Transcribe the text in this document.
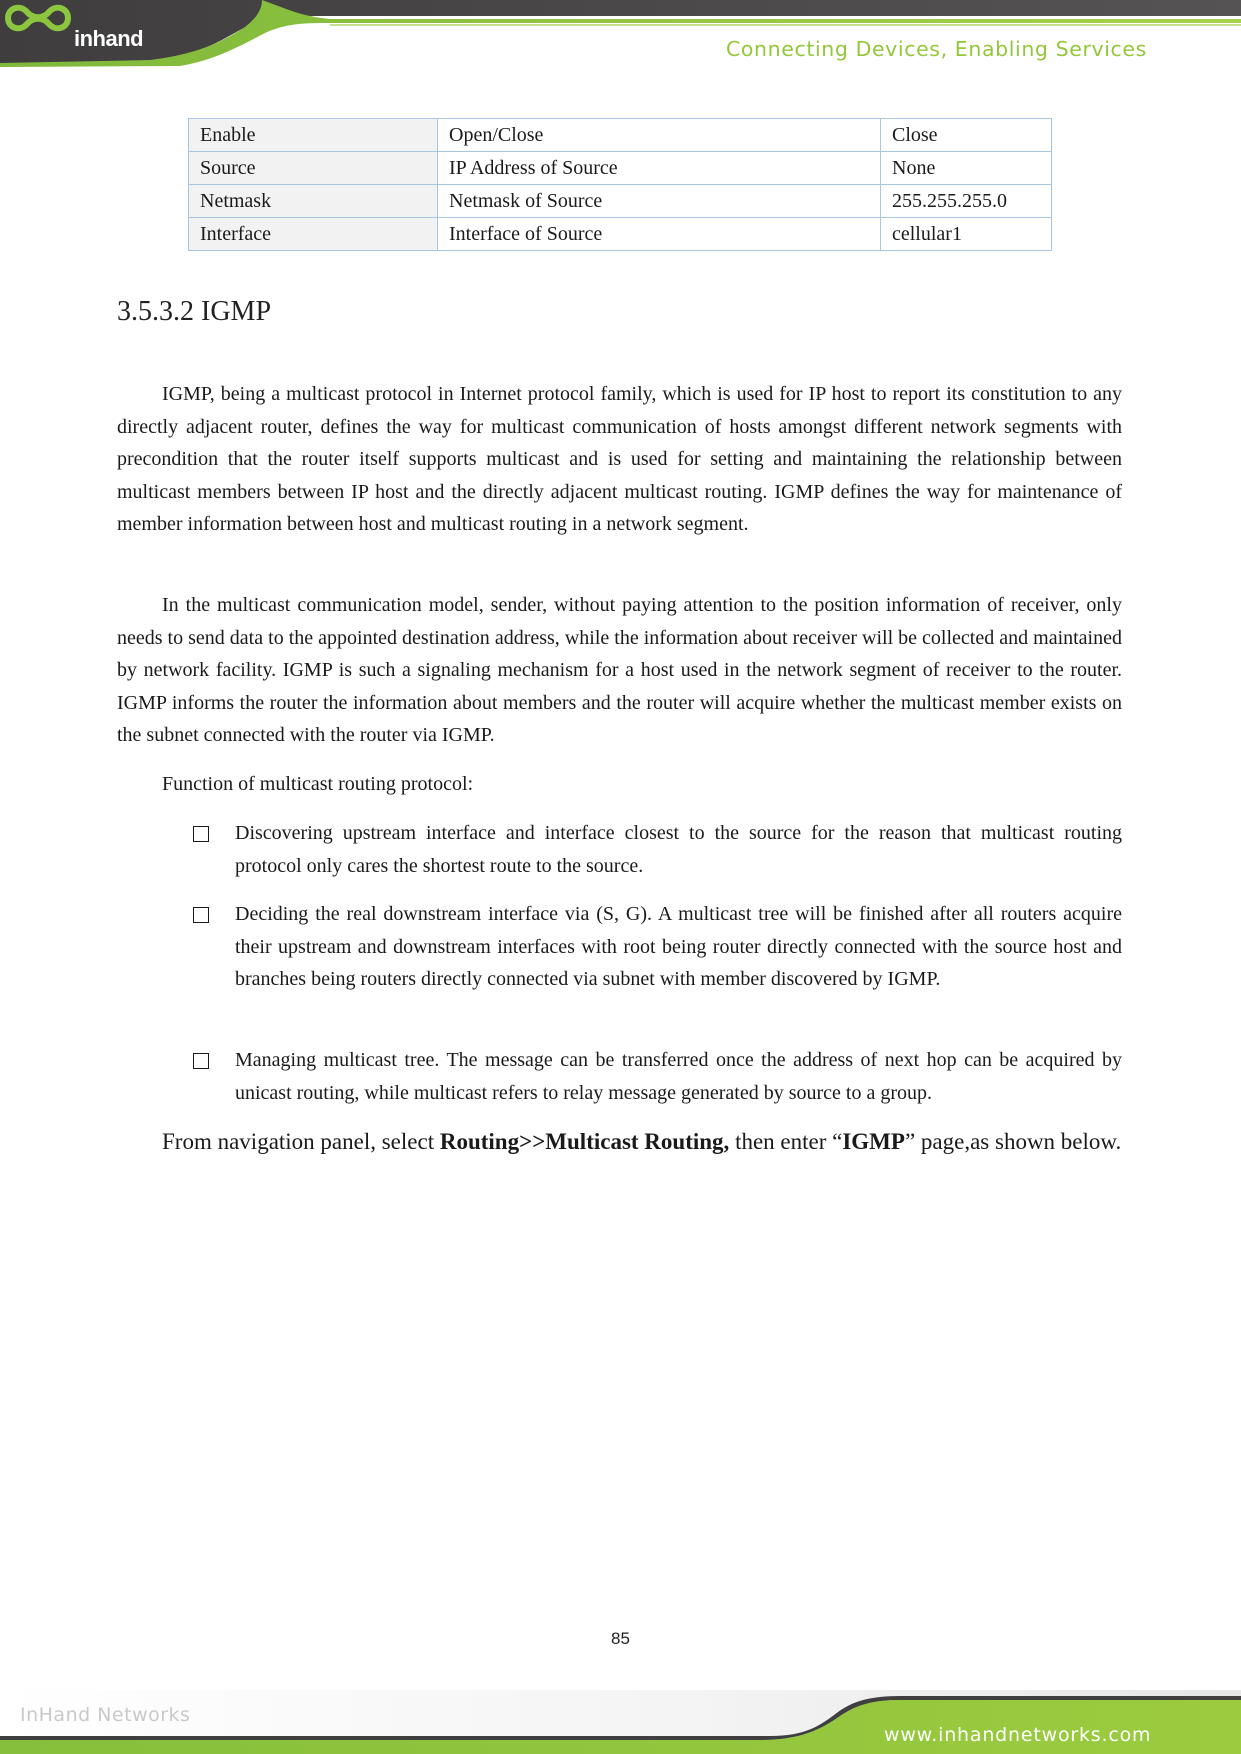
inhand	Connecting Devices, Enabling Services
Enable	Open/Close	Close
Source	IP Address of Source	None
Netmask	Netmask of Source	255.255.255.0
Interface	Interface of Source	cellular1
3.5.3.2 IGMP

IGMP, being a multicast protocol in Internet protocol family, which is used for IP host to report its constitution to any directly adjacent router, defines the way for multicast communication of hosts amongst different network segments with precondition that the router itself supports multicast and is used for setting and maintaining the relationship between multicast members between IP host and the directly adjacent multicast routing. IGMP defines the way for maintenance of member information between host and multicast routing in a network segment.

In the multicast communication model, sender, without paying attention to the position information of receiver, only needs to send data to the appointed destination address, while the information about receiver will be collected and maintained by network facility. IGMP is such a signaling mechanism for a host used in the network segment of receiver to the router. IGMP informs the router the information about members and the router will acquire whether the multicast member exists on the subnet connected with the router via IGMP.

Function of multicast routing protocol:

Discovering upstream interface and interface closest to the source for the reason that multicast routing protocol only cares the shortest route to the source.

Deciding the real downstream interface via (S, G). A multicast tree will be finished after all routers acquire their upstream and downstream interfaces with root being router directly connected with the source host and branches being routers directly connected via subnet with member discovered by IGMP.

Managing multicast tree. The message can be transferred once the address of next hop can be acquired by unicast routing, while multicast refers to relay message generated by source to a group.

From navigation panel, select Routing>>Multicast Routing, then enter “IGMP” page,as shown below.

85
InHand Networks
www.inhandnetworks.com
